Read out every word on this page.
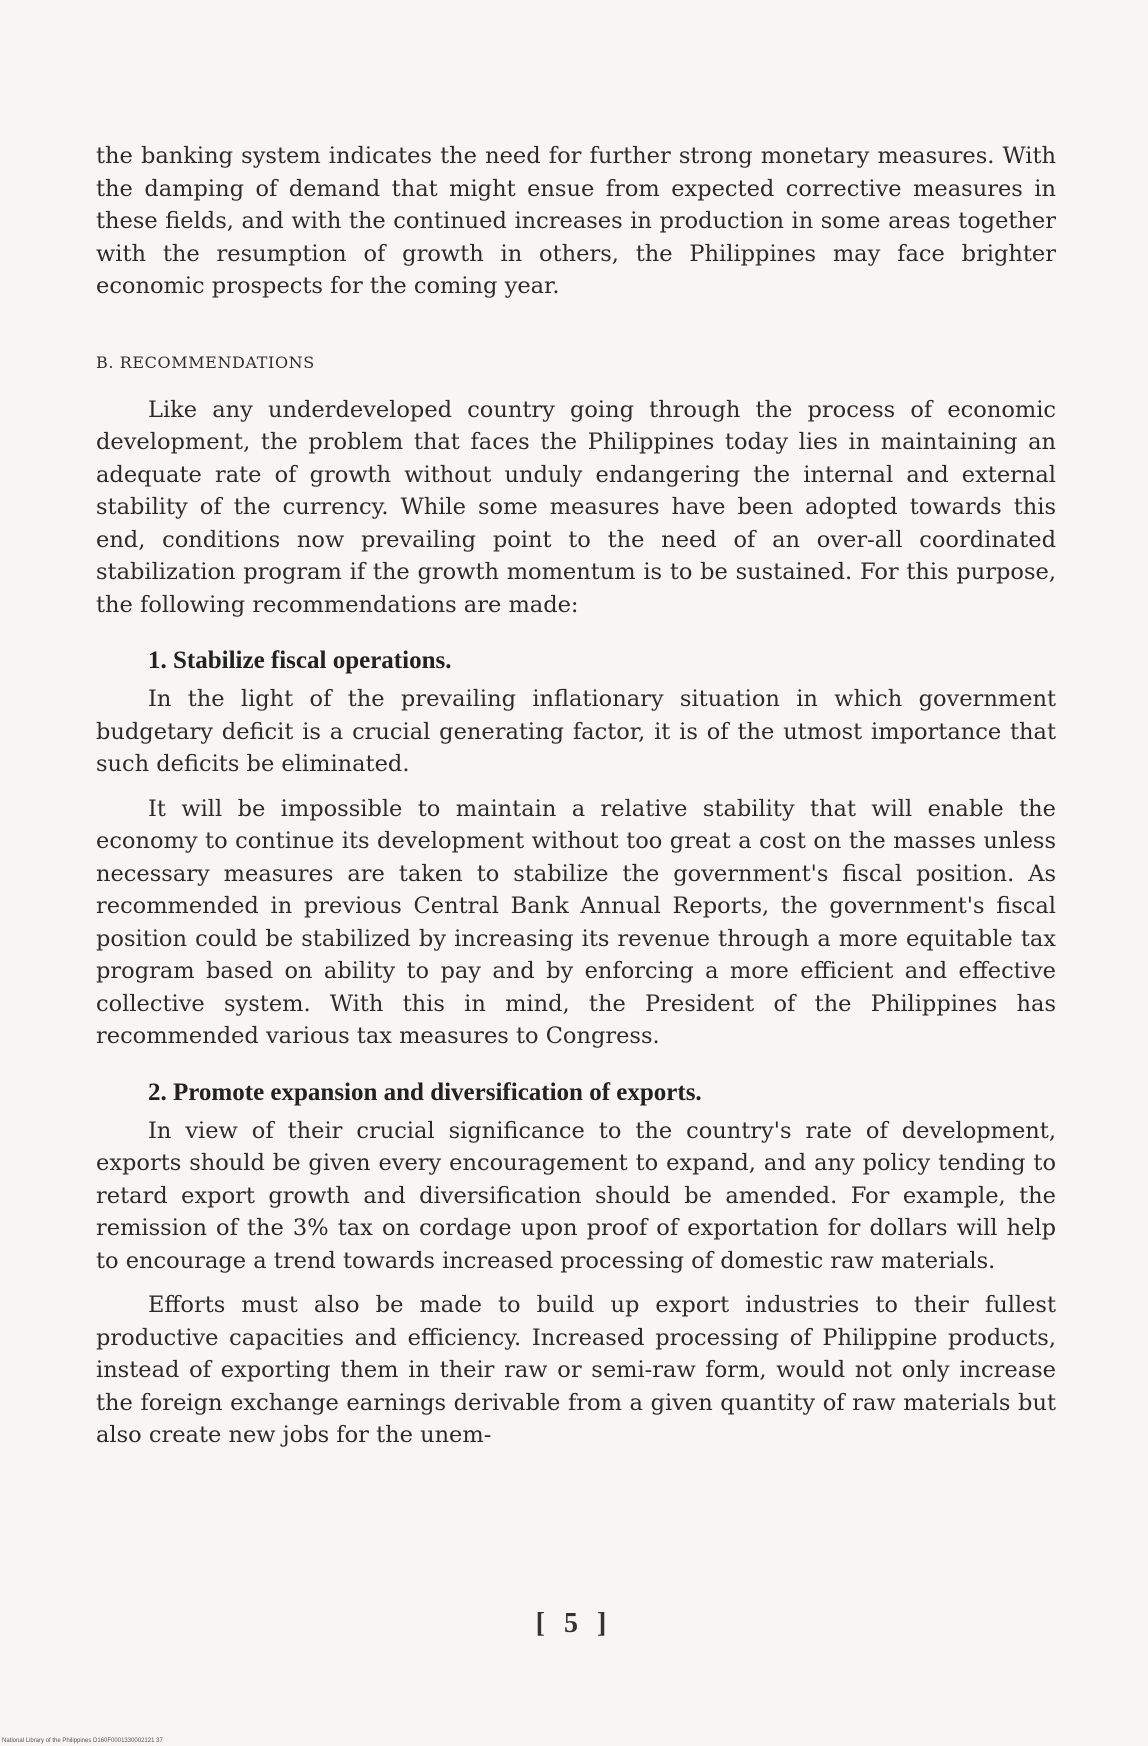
the banking system indicates the need for further strong monetary measures. With the damping of demand that might ensue from expected corrective measures in these fields, and with the continued increases in production in some areas together with the resumption of growth in others, the Philippines may face brighter economic prospects for the coming year.

B. RECOMMENDATIONS

Like any underdeveloped country going through the process of economic development, the problem that faces the Philippines today lies in maintaining an adequate rate of growth without unduly endangering the internal and external stability of the currency. While some measures have been adopted towards this end, conditions now prevailing point to the need of an over-all coordinated stabilization program if the growth momentum is to be sustained. For this purpose, the following recommendations are made:

1. Stabilize fiscal operations.

In the light of the prevailing inflationary situation in which government budgetary deficit is a crucial generating factor, it is of the utmost importance that such deficits be eliminated.

It will be impossible to maintain a relative stability that will enable the economy to continue its development without too great a cost on the masses unless necessary measures are taken to stabilize the government's fiscal position. As recommended in previous Central Bank Annual Reports, the government's fiscal position could be stabilized by increasing its revenue through a more equitable tax program based on ability to pay and by enforcing a more efficient and effective collective system. With this in mind, the President of the Philippines has recommended various tax measures to Congress.

2. Promote expansion and diversification of exports.

In view of their crucial significance to the country's rate of development, exports should be given every encouragement to expand, and any policy tending to retard export growth and diversification should be amended. For example, the remission of the 3% tax on cordage upon proof of exportation for dollars will help to encourage a trend towards increased processing of domestic raw materials.

Efforts must also be made to build up export industries to their fullest productive capacities and efficiency. Increased processing of Philippine products, instead of exporting them in their raw or semi-raw form, would not only increase the foreign exchange earnings derivable from a given quantity of raw materials but also create new jobs for the unem-

[ 5 ]
National Library of the Philippines D160F0001330002121 37
